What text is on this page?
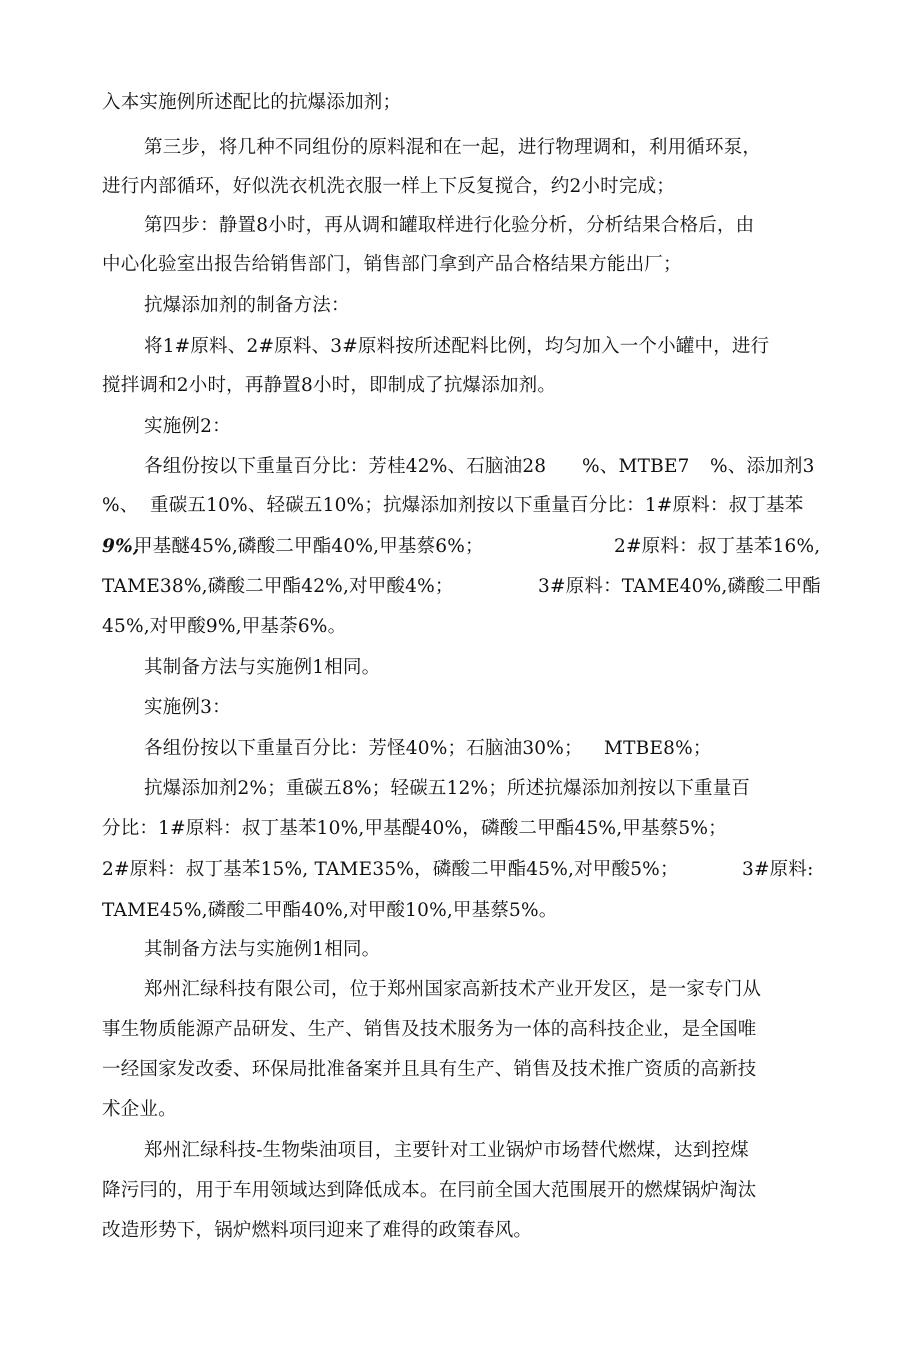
入本实施例所述配比的抗爆添加剂；
第三步，将几种不同组份的原料混和在一起，进行物理调和，利用循环泵，
进行内部循环，好似洗衣机洗衣服一样上下反复搅合，约2小时完成；
第四步：静置8小时，再从调和罐取样进行化验分析，分析结果合格后，由
中心化验室出报告给销售部门，销售部门拿到产品合格结果方能出厂；
抗爆添加剂的制备方法：
将1#原料、2#原料、3#原料按所述配料比例，均匀加入一个小罐中，进行
搅拌调和2小时，再静置8小时，即制成了抗爆添加剂。
实施例2：

各组份按以下重量百分比：芳桂42%、石脑油28

%、MTBE7

%、添加剂3

%、

重碳五10%、轻碳五10%；抗爆添加剂按以下重量百分比：1#原料：叔丁基苯

9%,

甲基醚45%,磷酸二甲酯40%,甲基蔡6%；

	2#原料：叔丁基苯16%,

TAME38%,磷酸二甲酯42%,对甲酸4%；

	3#原料：TAME40%,磷酸二甲酯

45%,对甲酸9%,甲基荼6%。
其制备方法与实施例1相同。
实施例3：

各组份按以下重量百分比：芳怪40%；石脑油30%；

MTBE8%；

抗爆添加剂2%；重碳五8%；轻碳五12%；所述抗爆添加剂按以下重量百
分比：1#原料：叔丁基苯10%,甲基醍40%，磷酸二甲酯45%,甲基蔡5%；

2#原料：叔丁基苯15%, TAME35%，磷酸二甲酯45%,对甲酸5%；

	3#原料:

TAME45%,磷酸二甲酯40%,对甲酸10%,甲基蔡5%。
其制备方法与实施例1相同。
郑州汇绿科技有限公司，位于郑州国家高新技术产业开发区，是一家专门从
事生物质能源产品研发、生产、销售及技术服务为一体的高科技企业，是全国唯
一经国家发改委、环保局批准备案并且具有生产、销售及技术推广资质的高新技
术企业。
郑州汇绿科技-生物柴油项目，主要针对工业锅炉市场替代燃煤，达到控煤
降污冃的，用于车用领域达到降低成本。在冃前全国大范围展开的燃煤锅炉淘汰
改造形势下，锅炉燃料项冃迎来了难得的政策春风。
